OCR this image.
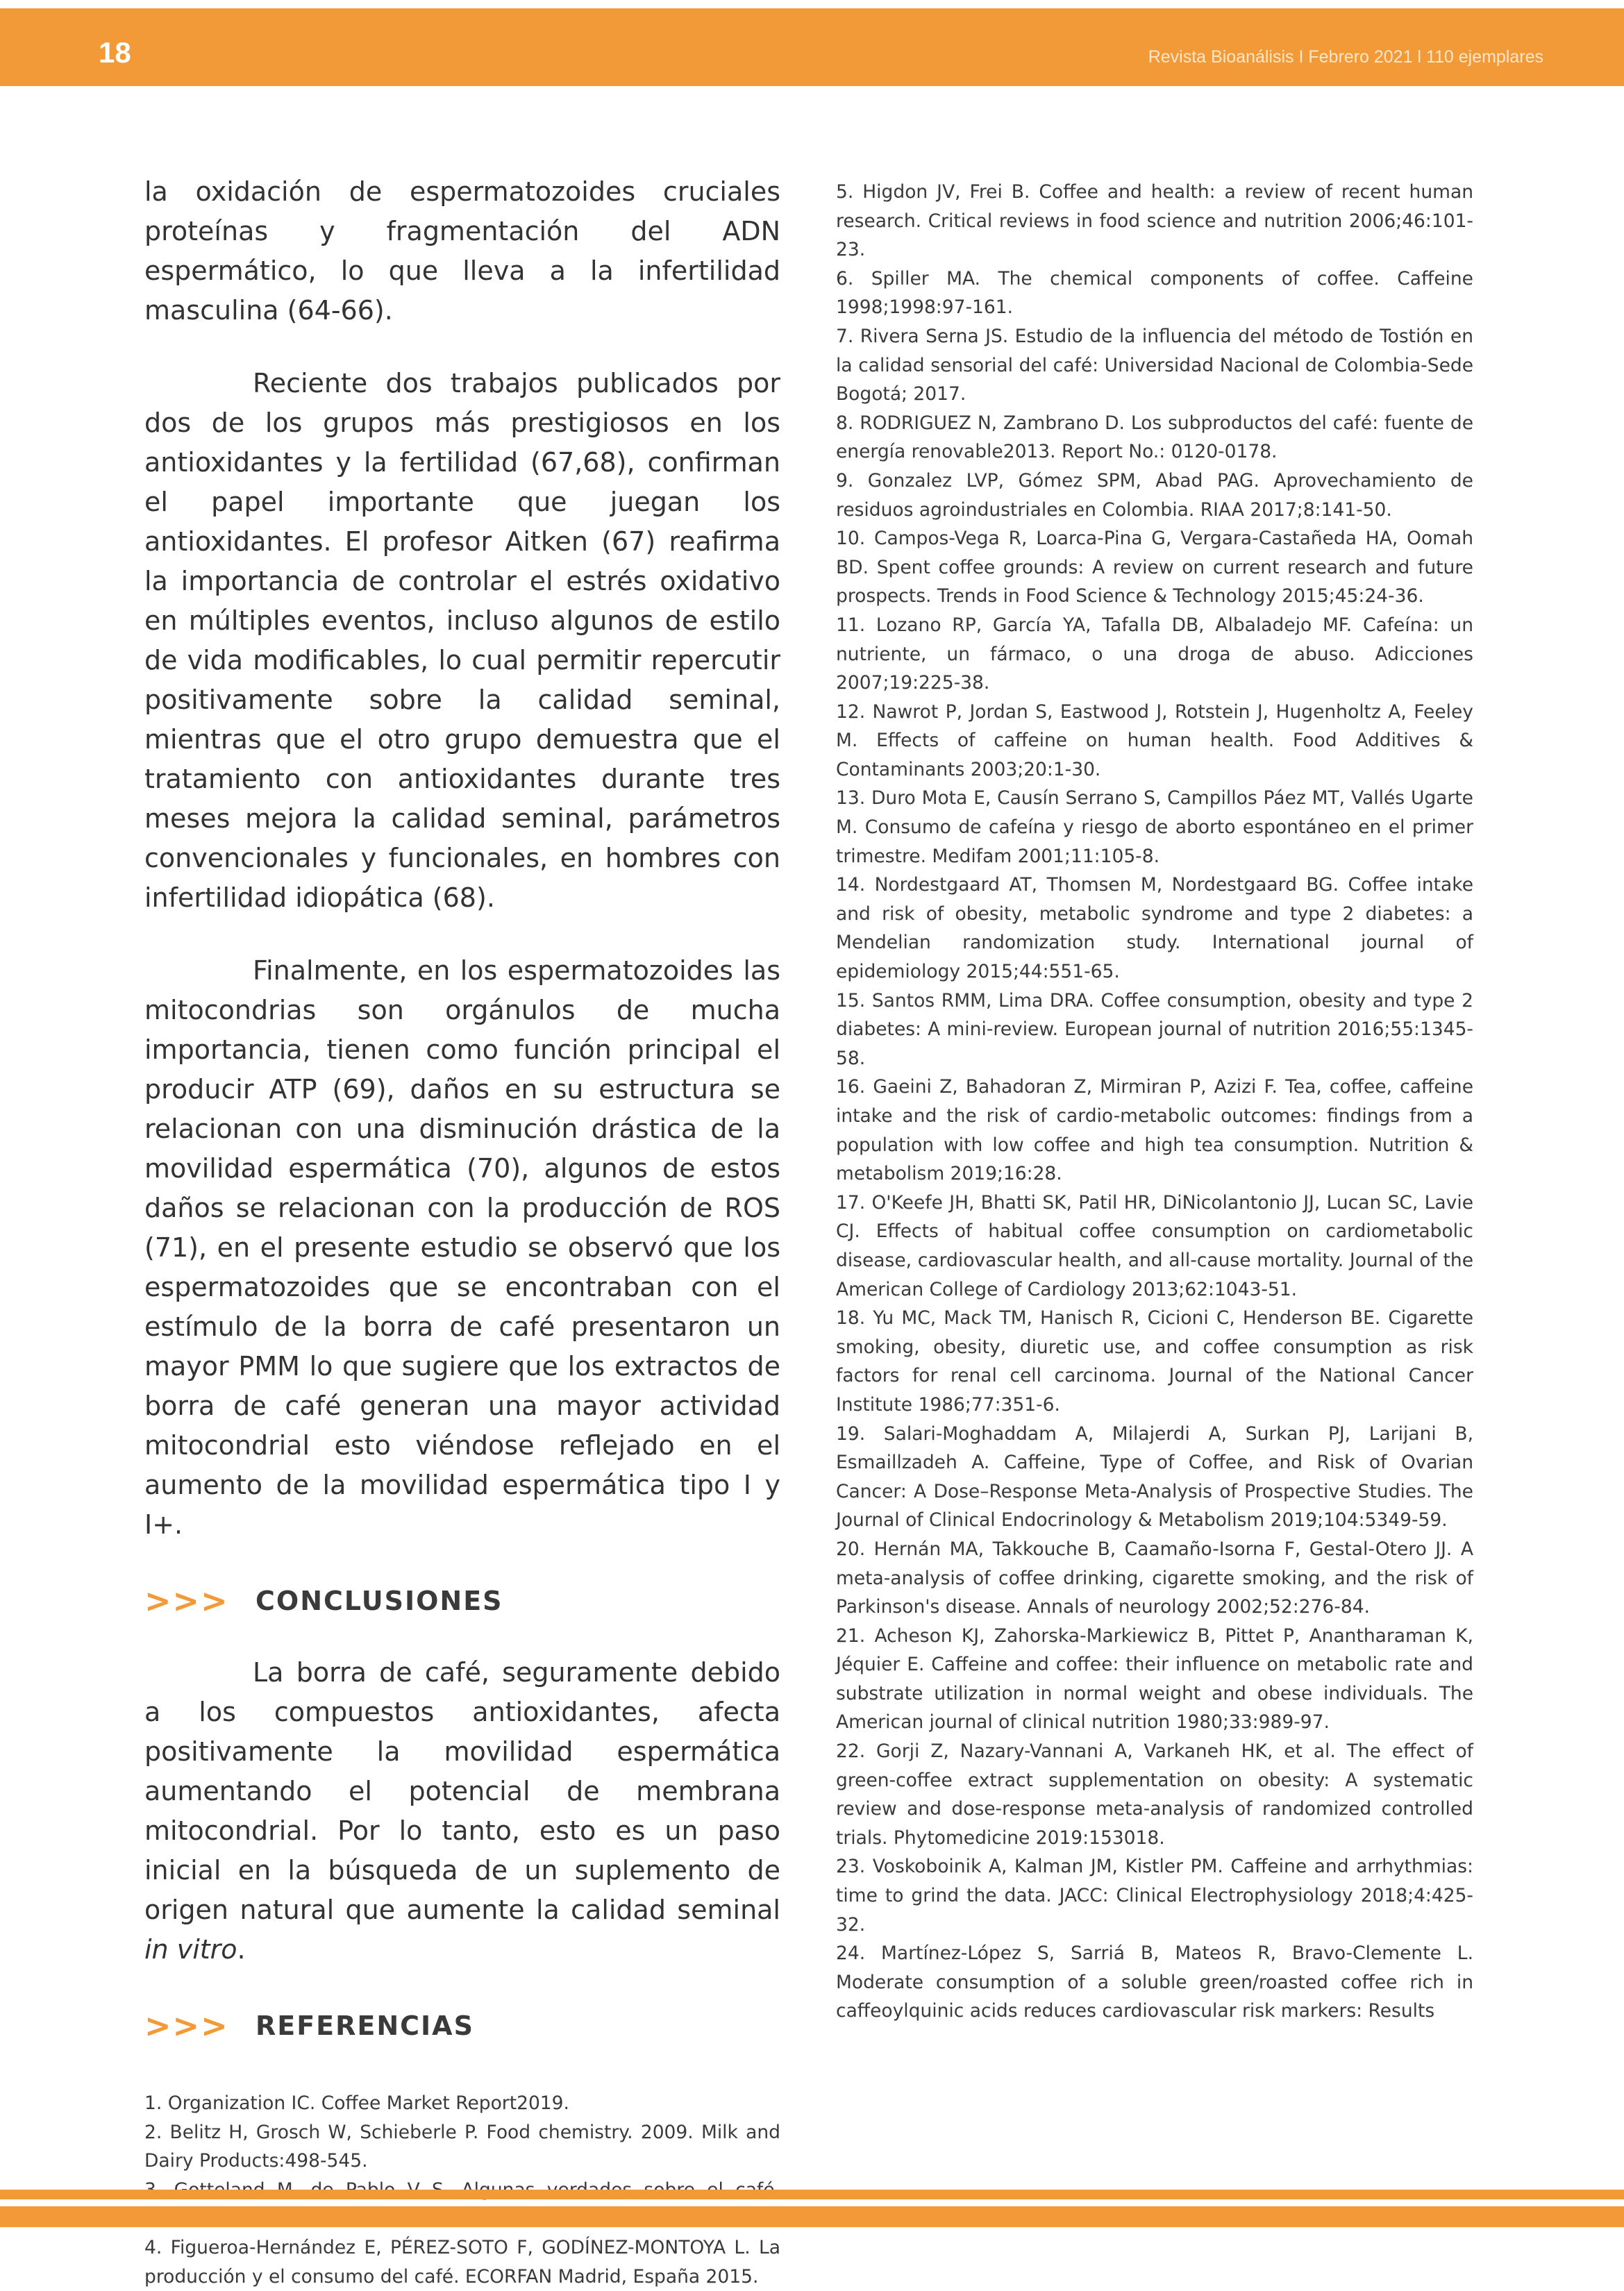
18	Revista Bioanálisis I Febrero 2021 l 110 ejemplares

la oxidación de espermatozoides cruciales proteínas y fragmentación del ADN espermático, lo que lleva a la infertilidad masculina (64-66).

Reciente dos trabajos publicados por dos de los grupos más prestigiosos en los antioxidantes y la fertilidad (67,68), confirman el papel importante que juegan los antioxidantes. El profesor Aitken (67) reafirma la importancia de controlar el estrés oxidativo en múltiples eventos, incluso algunos de estilo de vida modificables, lo cual permitir repercutir positivamente sobre la calidad seminal, mientras que el otro grupo demuestra que el tratamiento con antioxidantes durante tres meses mejora la calidad seminal, parámetros convencionales y funcionales, en hombres con infertilidad idiopática (68).

Finalmente, en los espermatozoides las mitocondrias son orgánulos de mucha importancia, tienen como función principal el producir ATP (69), daños en su estructura se relacionan con una disminución drástica de la movilidad espermática (70), algunos de estos daños se relacionan con la producción de ROS (71), en el presente estudio se observó que los espermatozoides que se encontraban con el estímulo de la borra de café presentaron un mayor PMM lo que sugiere que los extractos de borra de café generan una mayor actividad mitocondrial esto viéndose reflejado en el aumento de la movilidad espermática tipo I y I+.

>>>	CONCLUSIONES

La borra de café, seguramente debido a los compuestos antioxidantes, afecta positivamente la movilidad espermática aumentando el potencial de membrana mitocondrial. Por lo tanto, esto es un paso inicial en la búsqueda de un suplemento de origen natural que aumente la calidad seminal in vitro.

>>>	REFERENCIAS

1. Organization IC. Coffee Market Report2019.

2. Belitz H, Grosch W, Schieberle P. Food chemistry. 2009. Milk and Dairy Products:498-545.

4. Figueroa-Hernández E, PÉREZ-SOTO F, GODÍNEZ-MONTOYA L. La producción y el consumo del café. ECORFAN Madrid, España 2015.

5. Higdon JV, Frei B. Coffee and health: a review of recent human research. Critical reviews in food science and nutrition 2006;46:101-23.

6. Spiller MA. The chemical components of coffee. Caffeine 1998;1998:97-161.

7. Rivera Serna JS. Estudio de la influencia del método de Tostión en la calidad sensorial del café: Universidad Nacional de Colombia-Sede Bogotá; 2017.

8. RODRIGUEZ N, Zambrano D. Los subproductos del café: fuente de energía renovable2013. Report No.: 0120-0178.

9. Gonzalez LVP, Gómez SPM, Abad PAG. Aprovechamiento de residuos agroindustriales en Colombia. RIAA 2017;8:141-50.

10. Campos-Vega R, Loarca-Pina G, Vergara-Castañeda HA, Oomah BD. Spent coffee grounds: A review on current research and future prospects. Trends in Food Science & Technology 2015;45:24-36.

11. Lozano RP, García YA, Tafalla DB, Albaladejo MF. Cafeína: un nutriente, un fármaco, o una droga de abuso. Adicciones 2007;19:225-38.

12. Nawrot P, Jordan S, Eastwood J, Rotstein J, Hugenholtz A, Feeley M. Effects of caffeine on human health. Food Additives & Contaminants 2003;20:1-30.

13. Duro Mota E, Causín Serrano S, Campillos Páez MT, Vallés Ugarte M. Consumo de cafeína y riesgo de aborto espontáneo en el primer trimestre. Medifam 2001;11:105-8.

14. Nordestgaard AT, Thomsen M, Nordestgaard BG. Coffee intake and risk of obesity, metabolic syndrome and type 2 diabetes: a Mendelian randomization study. International journal of epidemiology 2015;44:551-65.

15. Santos RMM, Lima DRA. Coffee consumption, obesity and type 2 diabetes: A mini-review. European journal of nutrition 2016;55:1345-58.

16. Gaeini Z, Bahadoran Z, Mirmiran P, Azizi F. Tea, coffee, caffeine intake and the risk of cardio-metabolic outcomes: findings from a population with low coffee and high tea consumption. Nutrition & metabolism 2019;16:28.

17. O'Keefe JH, Bhatti SK, Patil HR, DiNicolantonio JJ, Lucan SC, Lavie CJ. Effects of habitual coffee consumption on cardiometabolic disease, cardiovascular health, and all-cause mortality. Journal of the American College of Cardiology 2013;62:1043-51.

18. Yu MC, Mack TM, Hanisch R, Cicioni C, Henderson BE. Cigarette smoking, obesity, diuretic use, and coffee consumption as risk factors for renal cell carcinoma. Journal of the National Cancer Institute 1986;77:351-6.

19. Salari-Moghaddam A, Milajerdi A, Surkan PJ, Larijani B, Esmaillzadeh A. Caffeine, Type of Coffee, and Risk of Ovarian Cancer: A Dose–Response Meta-Analysis of Prospective Studies. The Journal of Clinical Endocrinology & Metabolism 2019;104:5349-59.

20. Hernán MA, Takkouche B, Caamaño-Isorna F, Gestal-Otero JJ. A meta-analysis of coffee drinking, cigarette smoking, and the risk of Parkinson's disease. Annals of neurology 2002;52:276-84.

21. Acheson KJ, Zahorska-Markiewicz B, Pittet P, Anantharaman K, Jéquier E. Caffeine and coffee: their influence on metabolic rate and substrate utilization in normal weight and obese individuals. The American journal of clinical nutrition 1980;33:989-97.

22. Gorji Z, Nazary-Vannani A, Varkaneh HK, et al. The effect of green-coffee extract supplementation on obesity: A systematic review and dose-response meta-analysis of randomized controlled trials. Phytomedicine 2019:153018.

23. Voskoboinik A, Kalman JM, Kistler PM. Caffeine and arrhythmias: time to grind the data. JACC: Clinical Electrophysiology 2018;4:425-32.

24. Martínez-López S, Sarriá B, Mateos R, Bravo-Clemente L. Moderate consumption of a soluble green/roasted coffee rich in caffeoylquinic acids reduces cardiovascular risk markers: Results
